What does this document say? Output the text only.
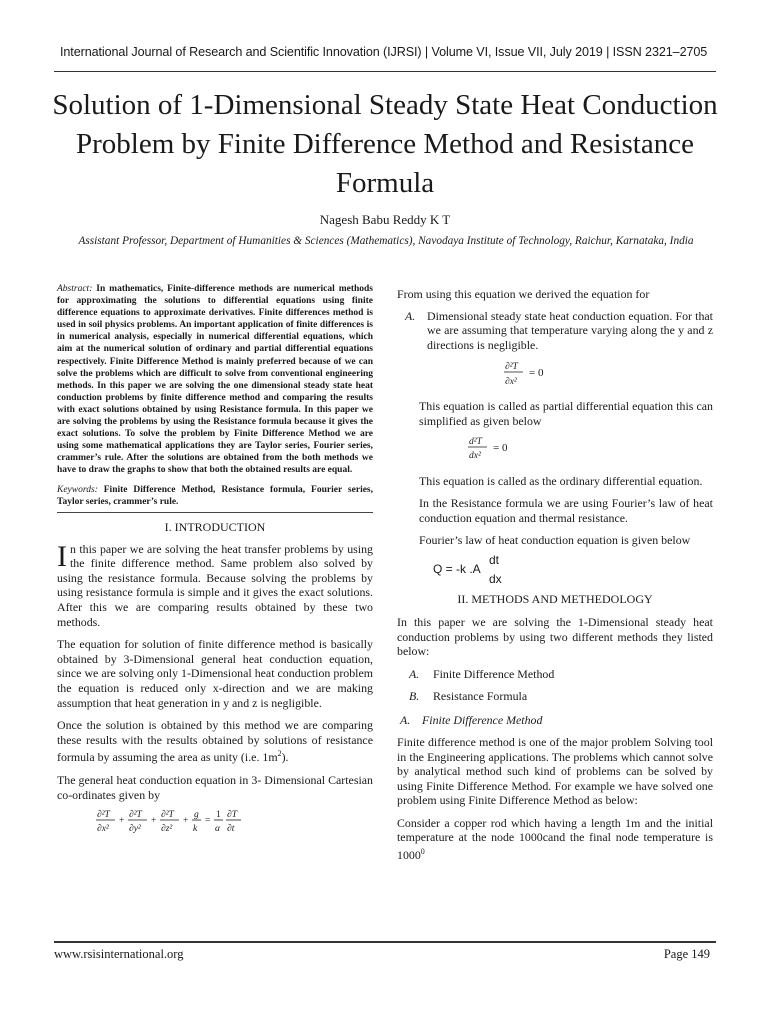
International Journal of Research and Scientific Innovation (IJRSI) | Volume VI, Issue VII, July 2019 | ISSN 2321–2705
Solution of 1-Dimensional Steady State Heat Conduction Problem by Finite Difference Method and Resistance Formula
Nagesh Babu Reddy K T
Assistant Professor, Department of Humanities & Sciences (Mathematics), Navodaya Institute of Technology, Raichur, Karnataka, India

Abstract: In mathematics, Finite-difference methods are numerical methods for approximating the solutions to differential equations using finite difference equations to approximate derivatives. Finite differences method is used in soil physics problems. An important application of finite differences is in numerical analysis, especially in numerical differential equations, which aim at the numerical solution of ordinary and partial differential equations respectively. Finite Difference Method is mainly preferred because of we can solve the problems which are difficult to solve from conventional engineering methods. In this paper we are solving the one dimensional steady state heat conduction problems by finite difference method and comparing the results with exact solutions obtained by using Resistance formula. In this paper we are solving the problems by using the Resistance formula because it gives the exact solutions. To solve the problem by Finite Difference Method we are using some mathematical applications they are Taylor series, Fourier series, crammer’s rule. After the solutions are obtained from the both methods we have to draw the graphs to show that both the obtained results are equal.

Keywords: Finite Difference Method, Resistance formula, Fourier series, Taylor series, crammer’s rule.

I. INTRODUCTION

In this paper we are solving the heat transfer problems by using the finite difference method. Same problem also solved by using the resistance formula. Because solving the problems by using resistance formula is simple and it gives the exact solutions. After this we are comparing results obtained by these two methods.

The equation for solution of finite difference method is basically obtained by 3-Dimensional general heat conduction equation, since we are solving only 1-Dimensional heat conduction problem the equation is reduced only x-direction and we are making assumption that heat generation in y and z is negligible.

Once the solution is obtained by this method we are comparing these results with the results obtained by solutions of resistance formula by assuming the area as unity (i.e. $1m^2$).

The general heat conduction equation in 3- Dimensional Cartesian co-ordinates given by

∂²T
∂x²
+
∂²T
∂y²
+
∂²T
∂z²
+
g
k
=
1
α
∂T
∂t

From using this equation we derived the equation for

A. Dimensional steady state heat conduction equation. For that we are assuming that temperature varying along the y and z directions is negligible.
∂²T
∂x²
= 0

This equation is called as partial differential equation this can simplified as given below

d²T
dx²
= 0

This equation is called as the ordinary differential equation.

In the Resistance formula we are using Fourier’s law of heat conduction equation and thermal resistance.

Fourier’s law of heat conduction equation is given below

Q = -k .A
dt
dx

II. METHODS AND METHEDOLOGY

In this paper we are solving the 1-Dimensional steady heat conduction problems by using two different methods they listed below:

A.	Finite Difference Method
B.	Resistance Formula
A. Finite Difference Method

Finite difference method is one of the major problem Solving tool in the Engineering applications. The problems which cannot solve by analytical method such kind of problems can be solved by using Finite Difference Method. For example we have solved one problem using Finite Difference Method as below:

Consider a copper rod which having a length 1m and the initial temperature at the node 1000cand the final node temperature is 1000$^0$

www.rsisinternational.org	Page 149
